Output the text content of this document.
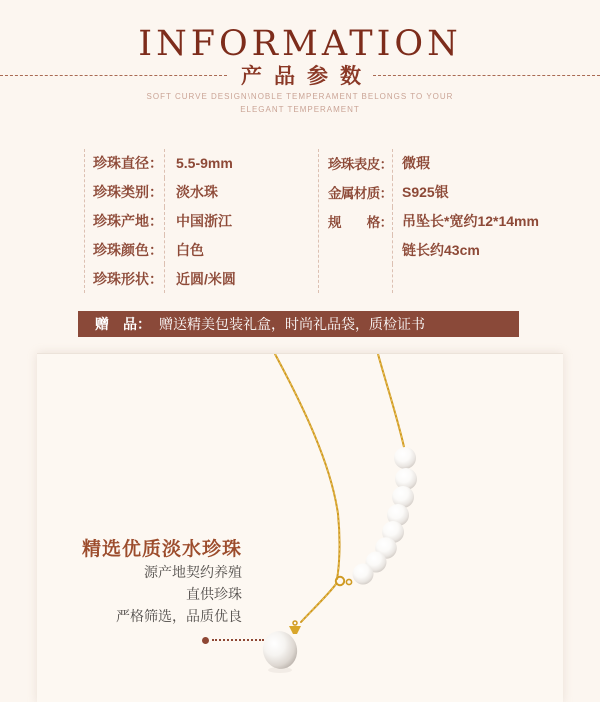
INFORMATION
产品参数
SOFT CURVE DESIGN\NOBLE TEMPERAMENT BELONGS TO YOUR
ELEGANT TEMPERAMENT
珍珠直径： 5.5-9mm
珍珠类别： 淡水珠
珍珠产地： 中国浙江
珍珠颜色： 白色
珍珠形状： 近圆/米圆
珍珠表皮： 微瑕
金属材质： S925银
规　　格： 吊坠长*宽约12*14mm
链长约43cm
赠　品： 赠送精美包装礼盒，时尚礼品袋，质检证书
精选优质淡水珍珠
源产地契约养殖
直供珍珠
严格筛选，品质优良
